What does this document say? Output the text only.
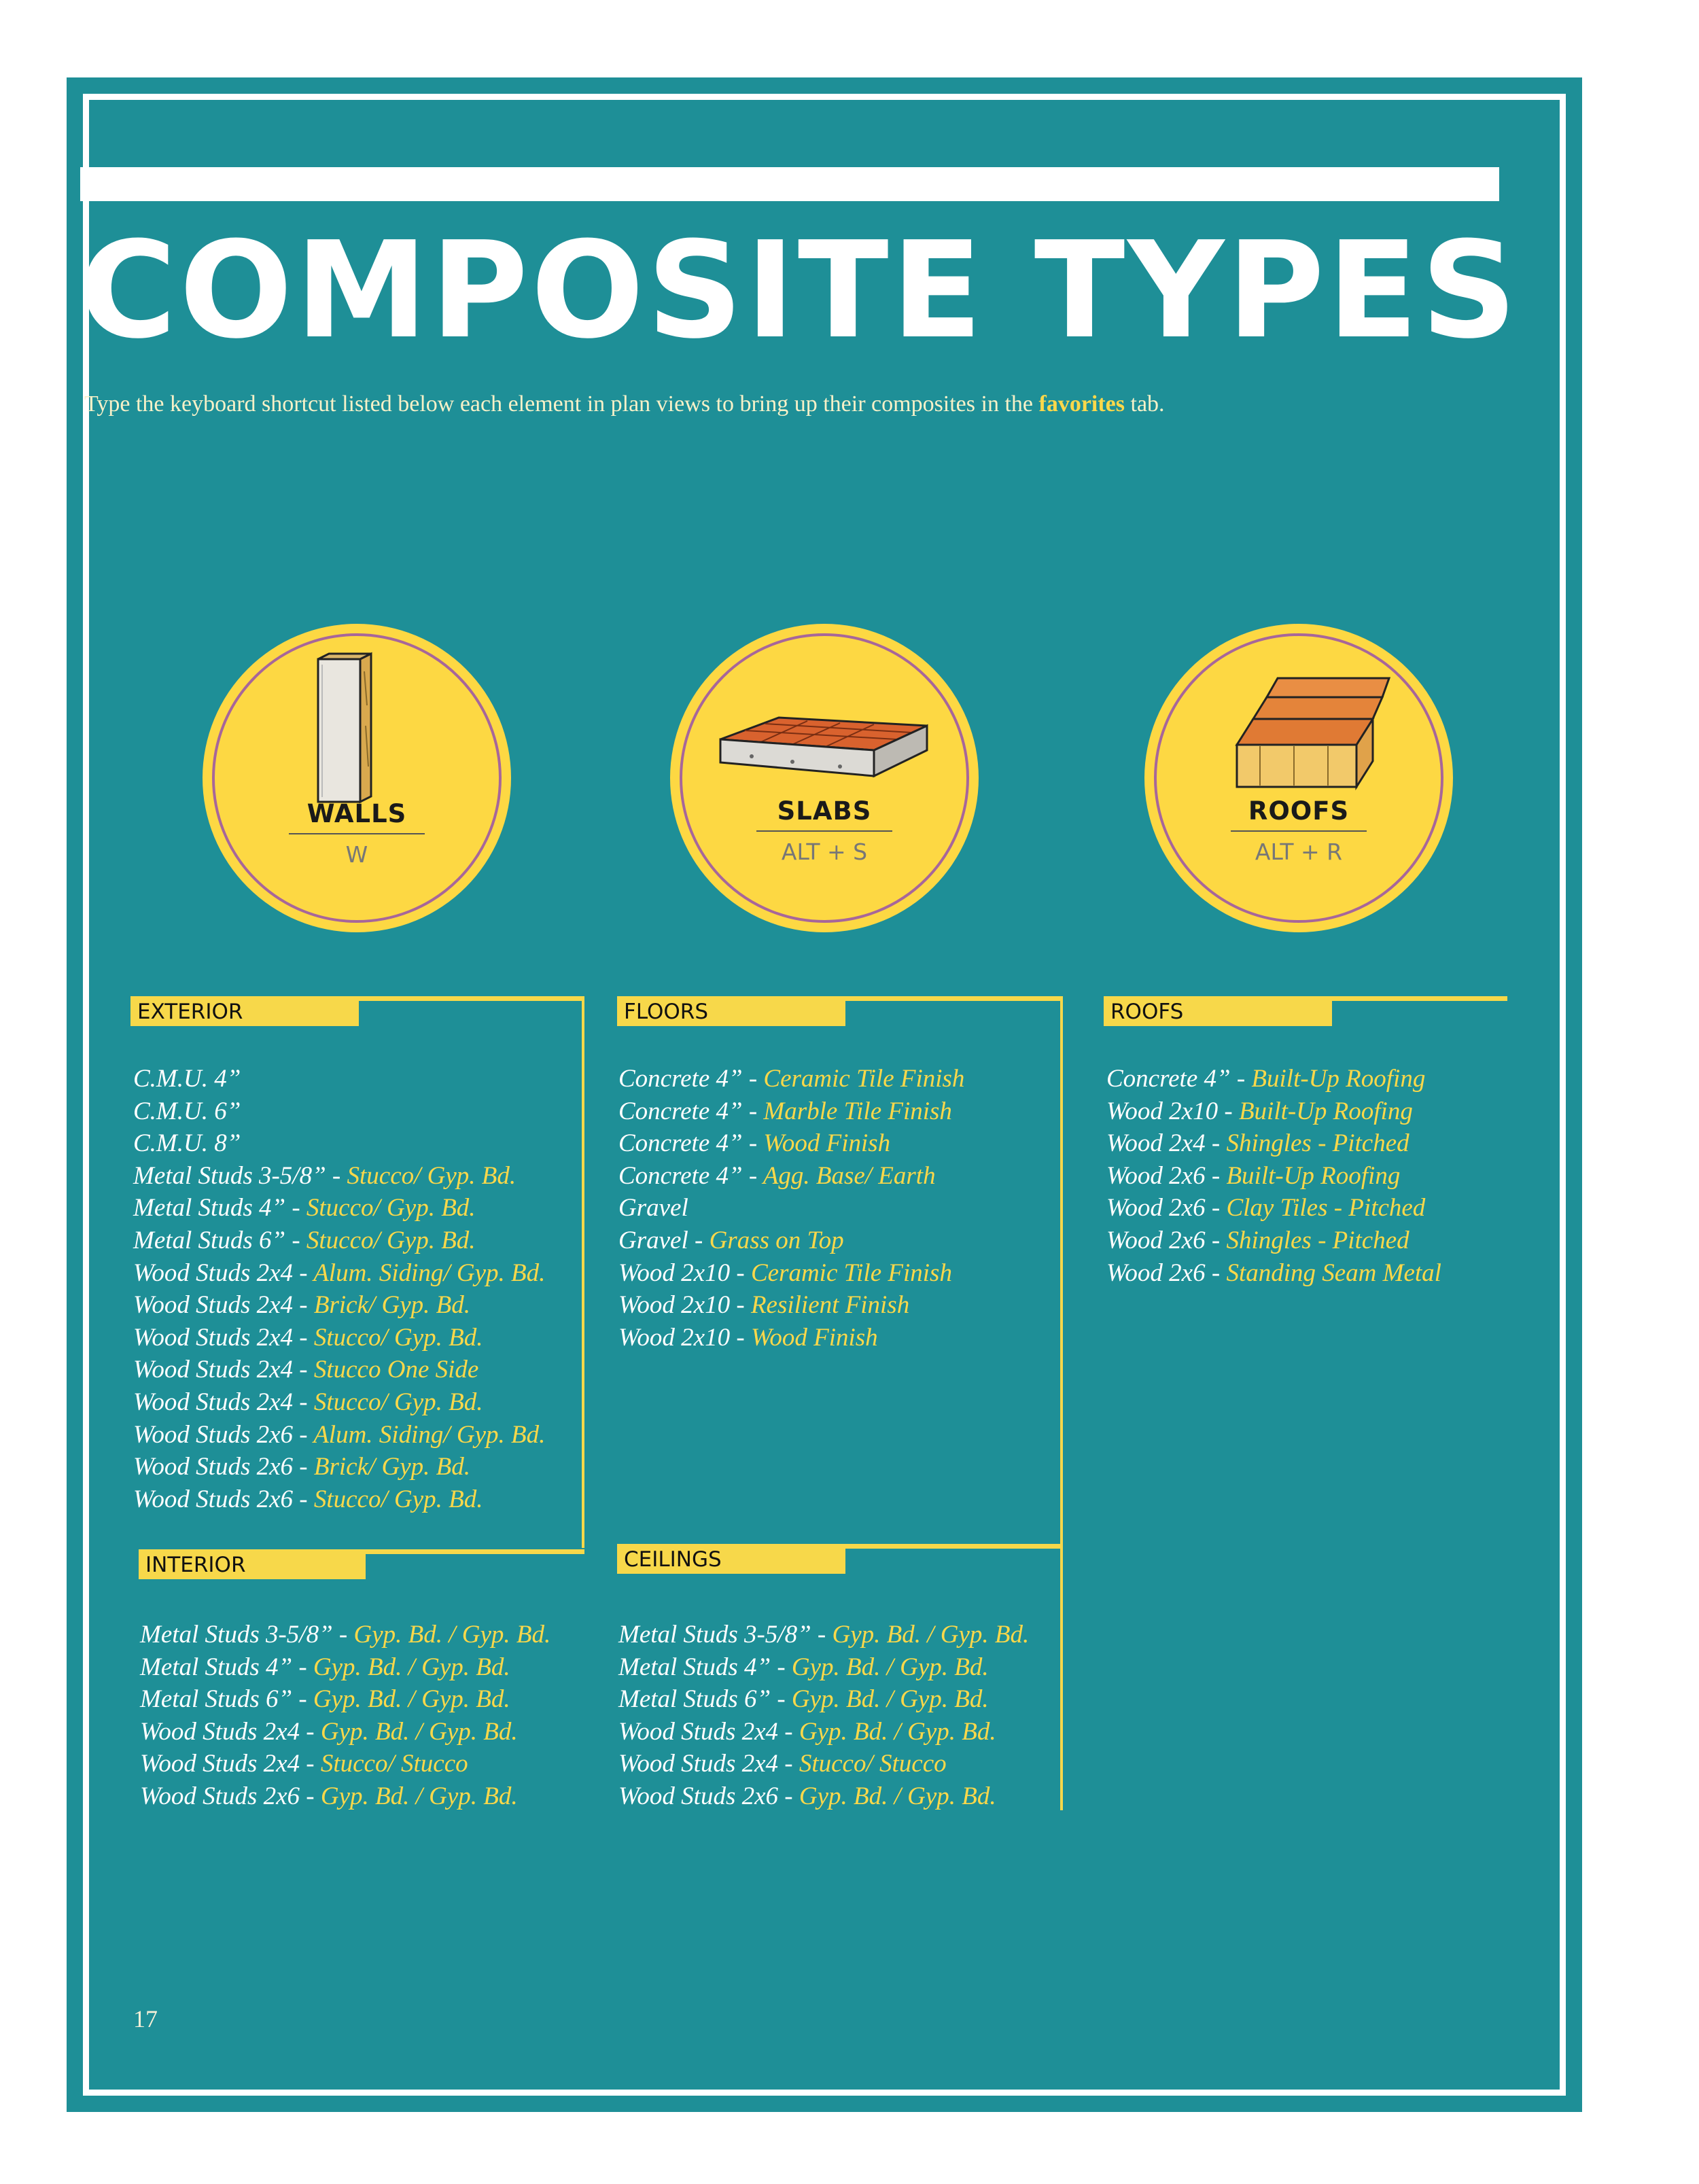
COMPOSITE TYPES
Type the keyboard shortcut listed below each element in plan views to bring up their composites in the favorites tab.
WALLS
W
SLABS
ALT + S
ROOFS
ALT + R
EXTERIOR
C.M.U. 4”
C.M.U. 6”
C.M.U. 8”
Metal Studs 3-5/8” - Stucco/ Gyp. Bd.
Metal Studs 4” - Stucco/ Gyp. Bd.
Metal Studs 6” - Stucco/ Gyp. Bd.
Wood Studs 2x4 - Alum. Siding/ Gyp. Bd.
Wood Studs 2x4 - Brick/ Gyp. Bd.
Wood Studs 2x4 - Stucco/ Gyp. Bd.
Wood Studs 2x4 - Stucco One Side
Wood Studs 2x4 - Stucco/ Gyp. Bd.
Wood Studs 2x6 - Alum. Siding/ Gyp. Bd.
Wood Studs 2x6 - Brick/ Gyp. Bd.
Wood Studs 2x6 - Stucco/ Gyp. Bd.
INTERIOR
Metal Studs 3-5/8” - Gyp. Bd. / Gyp. Bd.
Metal Studs 4” - Gyp. Bd. / Gyp. Bd.
Metal Studs 6” - Gyp. Bd. / Gyp. Bd.
Wood Studs 2x4 - Gyp. Bd. / Gyp. Bd.
Wood Studs 2x4 - Stucco/ Stucco
Wood Studs 2x6 - Gyp. Bd. / Gyp. Bd.
FLOORS
Concrete 4” - Ceramic Tile Finish
Concrete 4” - Marble Tile Finish
Concrete 4” - Wood Finish
Concrete 4” - Agg. Base/ Earth
Gravel
Gravel - Grass on Top
Wood 2x10 - Ceramic Tile Finish
Wood 2x10 - Resilient Finish
Wood 2x10 - Wood Finish
CEILINGS
Metal Studs 3-5/8” - Gyp. Bd. / Gyp. Bd.
Metal Studs 4” - Gyp. Bd. / Gyp. Bd.
Metal Studs 6” - Gyp. Bd. / Gyp. Bd.
Wood Studs 2x4 - Gyp. Bd. / Gyp. Bd.
Wood Studs 2x4 - Stucco/ Stucco
Wood Studs 2x6 - Gyp. Bd. / Gyp. Bd.
ROOFS
Concrete 4” - Built-Up Roofing
Wood 2x10 - Built-Up Roofing
Wood 2x4 - Shingles - Pitched
Wood 2x6 - Built-Up Roofing
Wood 2x6 - Clay Tiles - Pitched
Wood 2x6 - Shingles - Pitched
Wood 2x6 - Standing Seam Metal
17
